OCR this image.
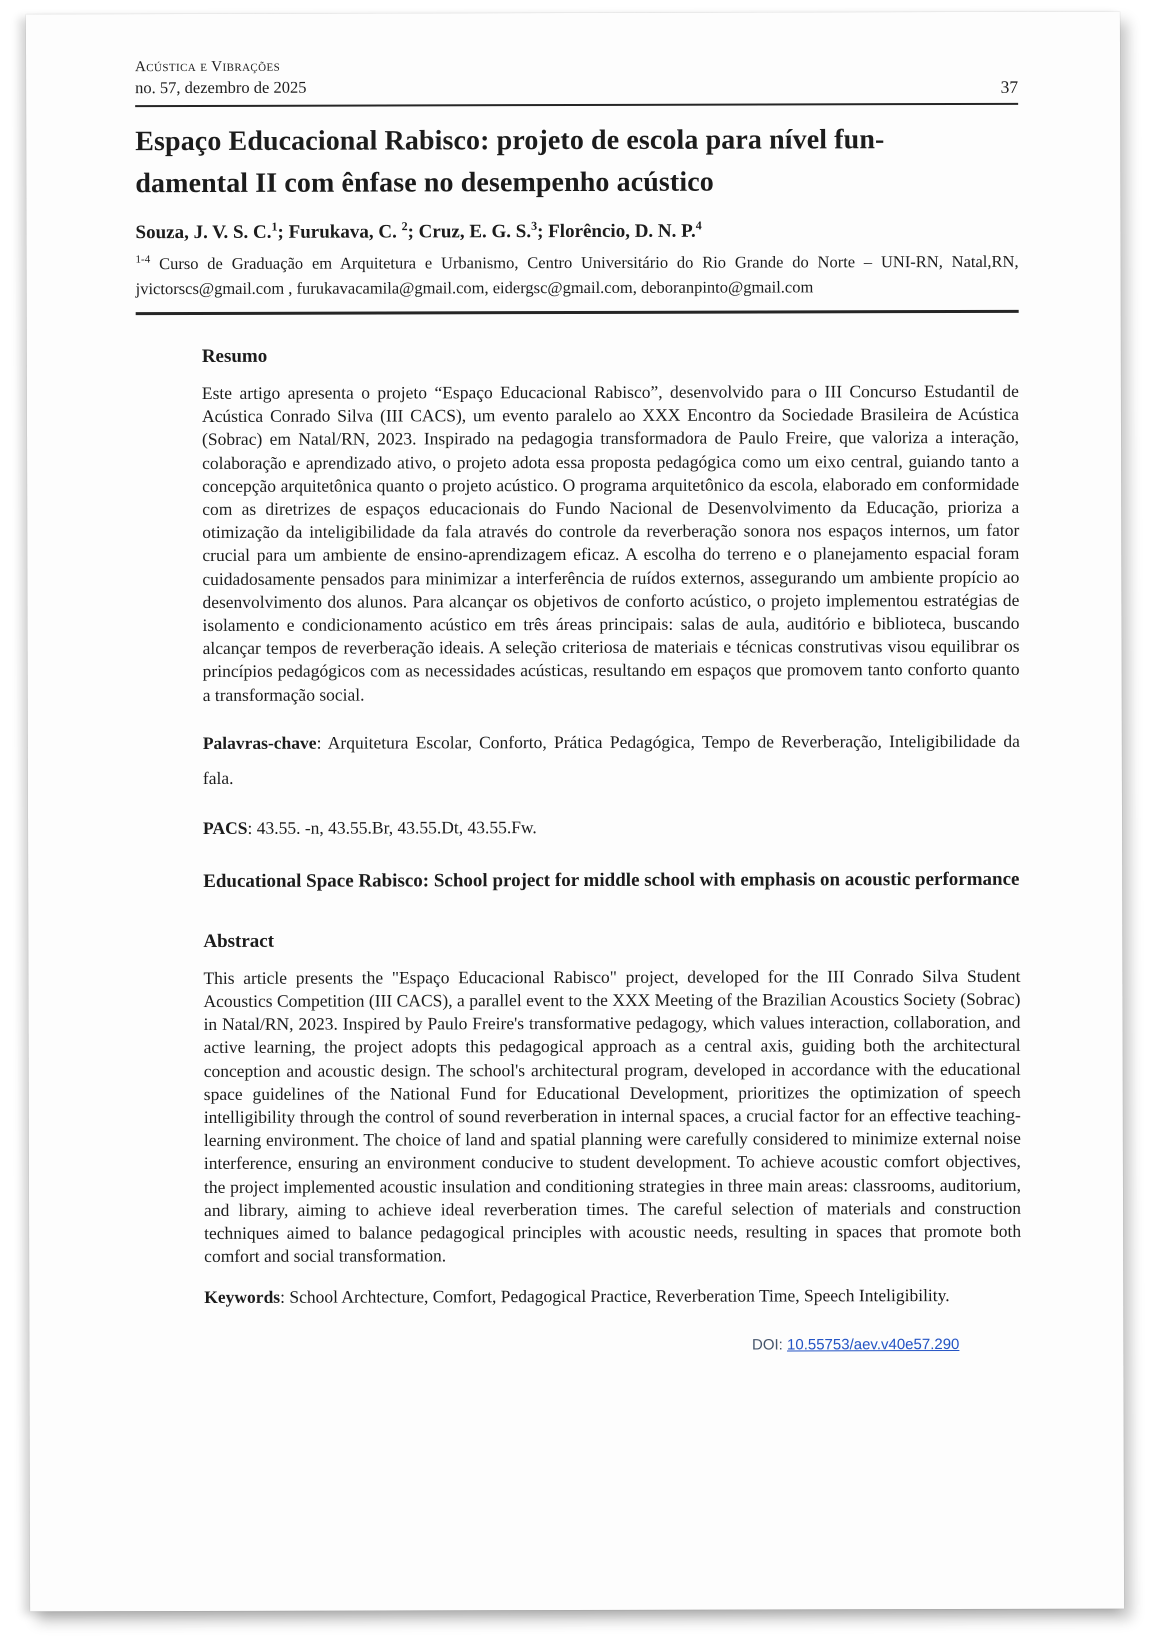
Acústica e Vibrações
no. 57, dezembro de 2025	37
Espaço Educacional Rabisco: projeto de escola para nível fun-
damental II com ênfase no desempenho acústico

Souza, J. V. S. C.$^1$; Furukava, C. $^2$; Cruz, E. G. S.$^3$; Florêncio, D. N. P.$^4$

$^{1-4}$ Curso de Graduação em Arquitetura e Urbanismo, Centro Universitário do Rio Grande do Norte – UNI-RN, Natal,RN, jvictorscs@gmail.com , furukavacamila@gmail.com, eidergsc@gmail.com, deboranpinto@gmail.com

Resumo

Este artigo apresenta o projeto “Espaço Educacional Rabisco”, desenvolvido para o III Concurso Estudantil de Acústica Conrado Silva (III CACS), um evento paralelo ao XXX Encontro da Sociedade Brasileira de Acústica (Sobrac) em Natal/RN, 2023. Inspirado na pedagogia transformadora de Paulo Freire, que valoriza a interação, colaboração e aprendizado ativo, o projeto adota essa proposta pedagógica como um eixo central, guiando tanto a concepção arquitetônica quanto o projeto acústico. O programa arquitetônico da escola, elaborado em conformidade com as diretrizes de espaços educacionais do Fundo Nacional de Desenvolvimento da Educação, prioriza a otimização da inteligibilidade da fala através do controle da reverberação sonora nos espaços internos, um fator crucial para um ambiente de ensino-aprendizagem eficaz. A escolha do terreno e o planejamento espacial foram cuidadosamente pensados para minimizar a interferência de ruídos externos, assegurando um ambiente propício ao desenvolvimento dos alunos. Para alcançar os objetivos de conforto acústico, o projeto implementou estratégias de isolamento e condicionamento acústico em três áreas principais: salas de aula, auditório e biblioteca, buscando alcançar tempos de reverberação ideais. A seleção criteriosa de materiais e técnicas construtivas visou equilibrar os princípios pedagógicos com as necessidades acústicas, resultando em espaços que promovem tanto conforto quanto a transformação social.

Palavras-chave: Arquitetura Escolar, Conforto, Prática Pedagógica, Tempo de Reverberação, Inteligibilidade da fala.

PACS: 43.55. -n, 43.55.Br, 43.55.Dt, 43.55.Fw.

Educational Space Rabisco: School project for middle school with emphasis on acoustic performance
Abstract

This article presents the "Espaço Educacional Rabisco" project, developed for the III Conrado Silva Student Acoustics Competition (III CACS), a parallel event to the XXX Meeting of the Brazilian Acoustics Society (Sobrac) in Natal/RN, 2023. Inspired by Paulo Freire's transformative pedagogy, which values interaction, collaboration, and active learning, the project adopts this pedagogical approach as a central axis, guiding both the architectural conception and acoustic design. The school's architectural program, developed in accordance with the educational space guidelines of the National Fund for Educational Development, prioritizes the optimization of speech intelligibility through the control of sound reverberation in internal spaces, a crucial factor for an effective teaching-learning environment. The choice of land and spatial planning were carefully considered to minimize external noise interference, ensuring an environment conducive to student development. To achieve acoustic comfort objectives, the project implemented acoustic insulation and conditioning strategies in three main areas: classrooms, auditorium, and library, aiming to achieve ideal reverberation times. The careful selection of materials and construction techniques aimed to balance pedagogical principles with acoustic needs, resulting in spaces that promote both comfort and social transformation.

Keywords: School Archtecture, Comfort, Pedagogical Practice, Reverberation Time, Speech Inteligibility.

DOI: 10.55753/aev.v40e57.290
